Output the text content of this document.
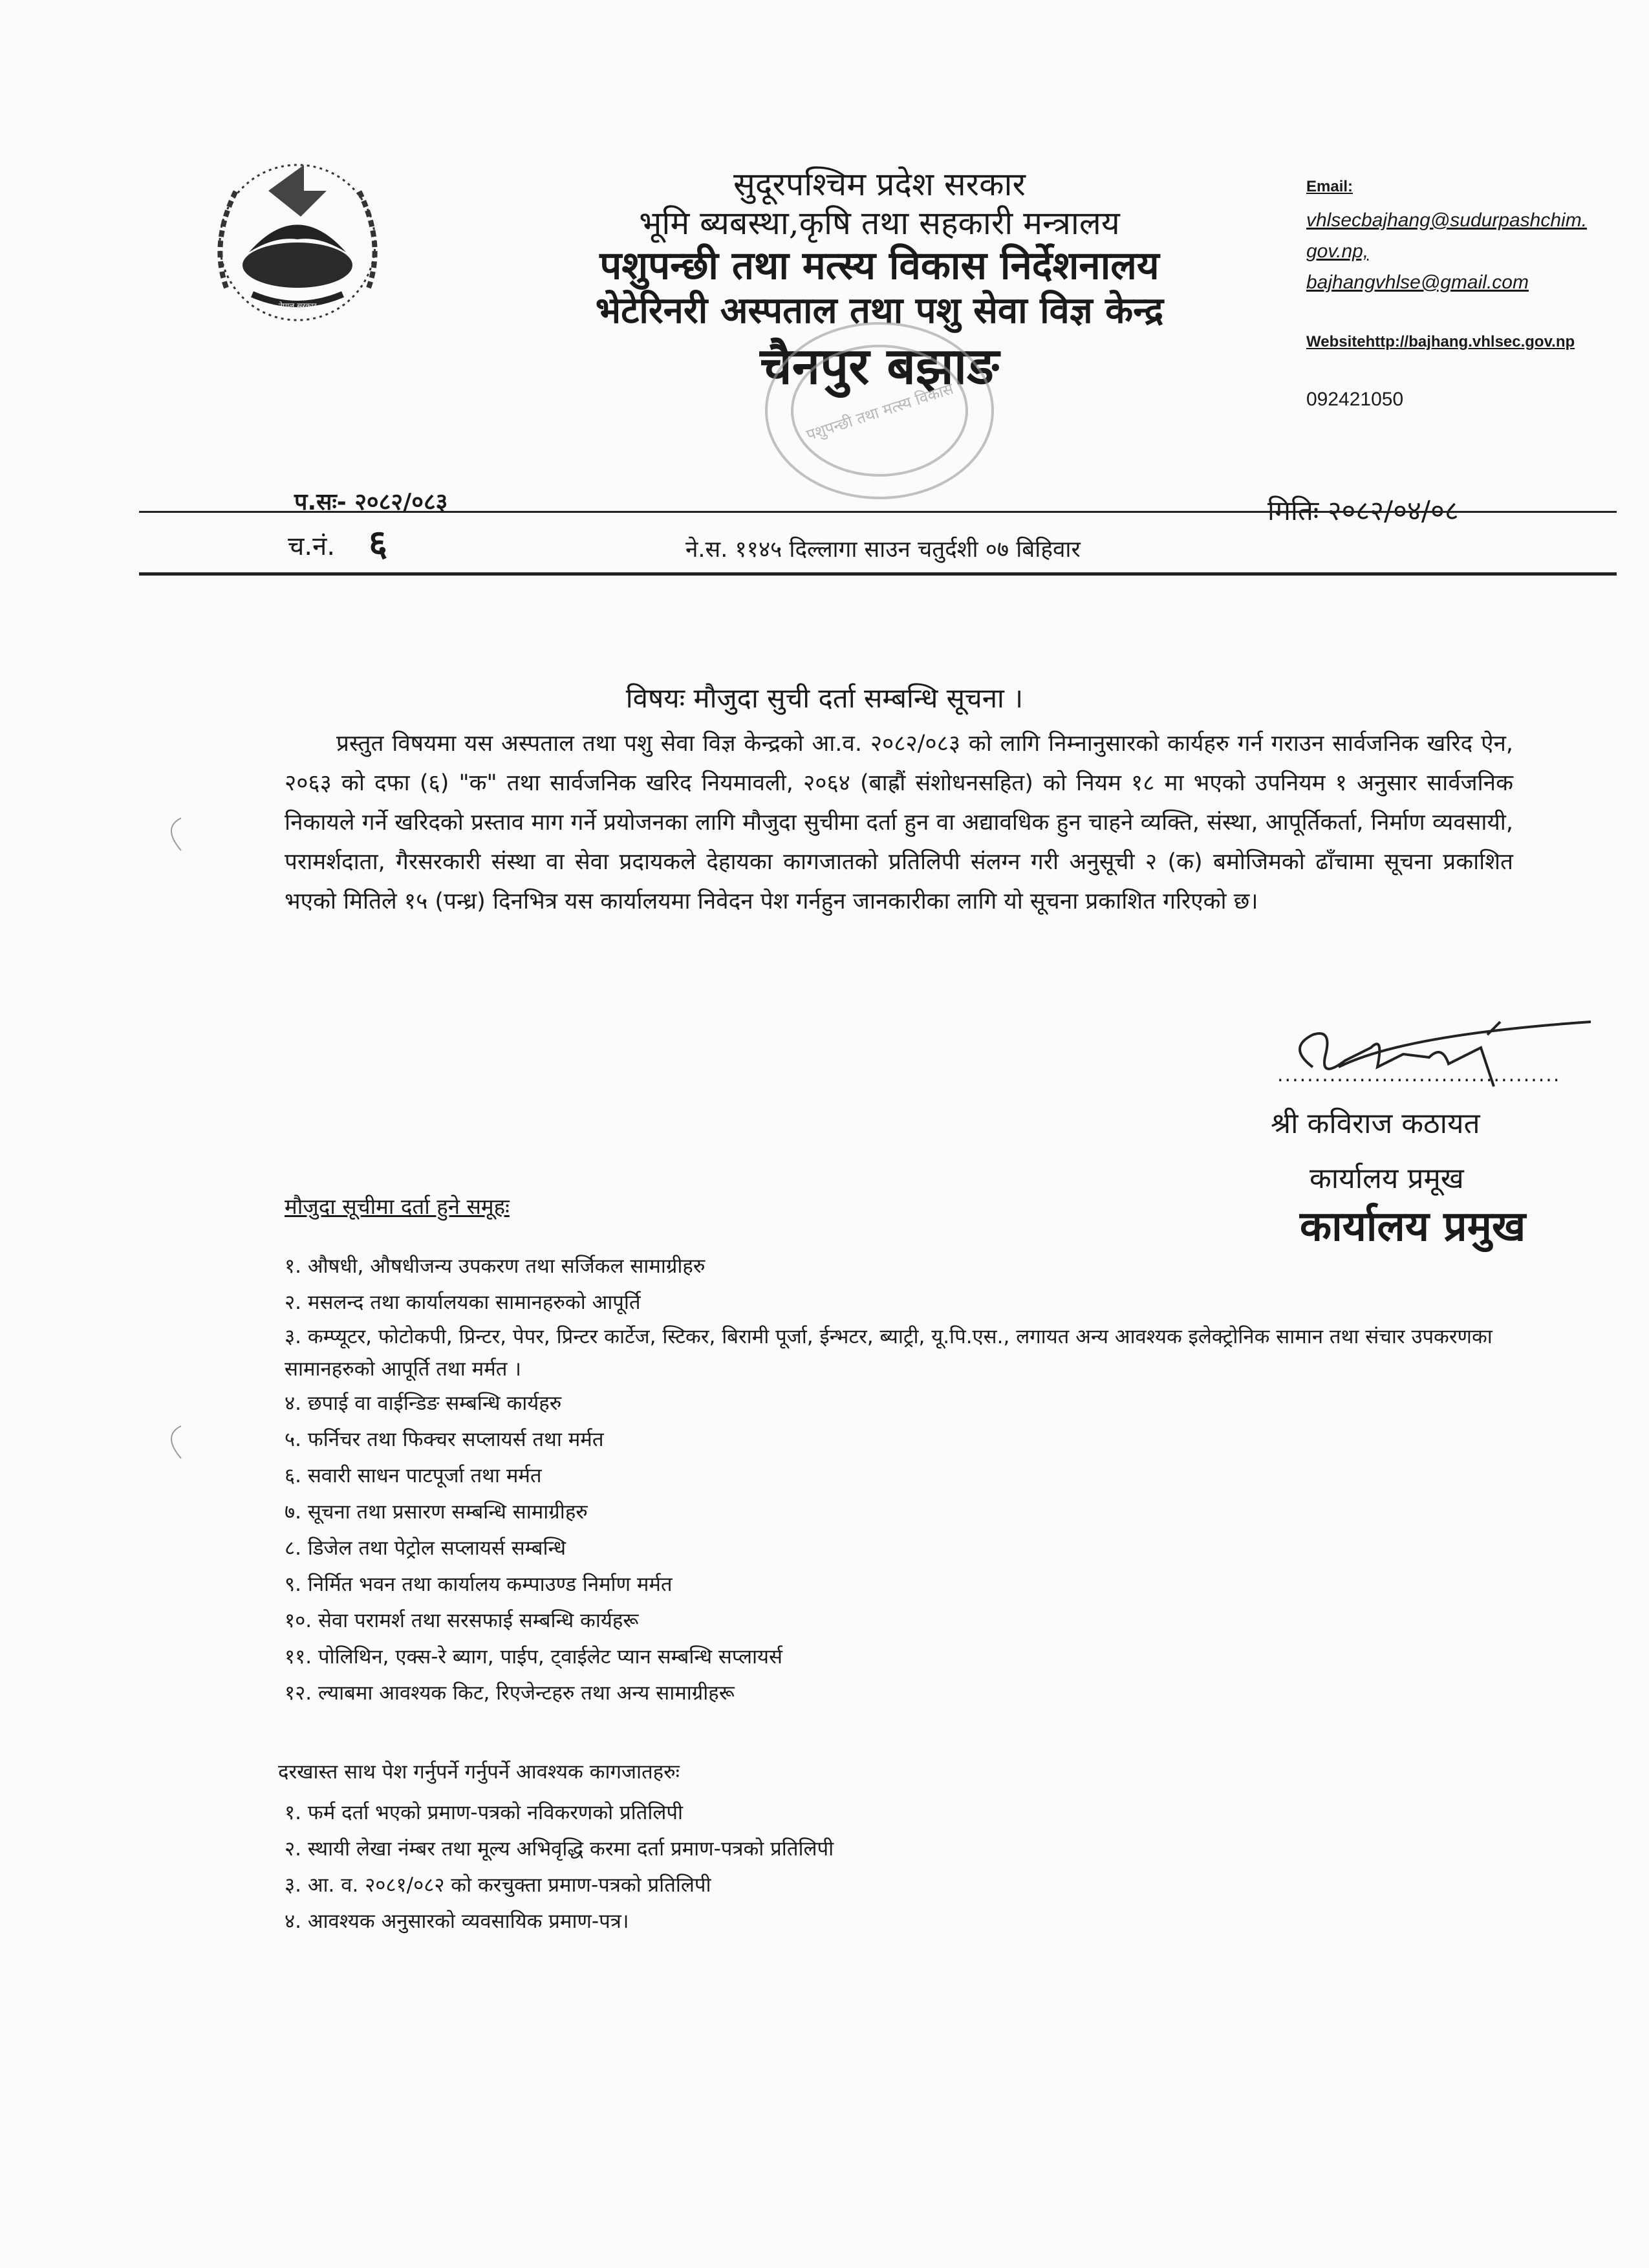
नेपाल सरकार
सुदूरपश्चिम प्रदेश सरकार
भूमि ब्यबस्था,कृषि तथा सहकारी मन्त्रालय
पशुपन्छी तथा मत्स्य विकास निर्देशनालय
भेटेरिनरी अस्पताल तथा पशु सेवा विज्ञ केन्द्र
चैनपुर बझाङ
पशुपन्छी तथा मत्स्य विकास
Email:
vhlsecbajhang@sudurpashchim.
gov.np,
bajhangvhlse@gmail.com
Websitehttp://bajhang.vhlsec.gov.np
092421050
प.सः- २०८२/०८३	मितिः २०८२/०४/०८
च.नं. ६	ने.स. ११४५ दिल्लागा साउन चतुर्दशी ०७ बिहिवार
विषयः मौजुदा सुची दर्ता सम्बन्धि सूचना ।

प्रस्तुत विषयमा यस अस्पताल तथा पशु सेवा विज्ञ केन्द्रको आ.व. २०८२/०८३ को लागि निम्नानुसारको कार्यहरु गर्न गराउन सार्वजनिक खरिद ऐन, २०६३ को दफा (६) "क" तथा सार्वजनिक खरिद नियमावली, २०६४ (बाह्रौं संशोधनसहित) को नियम १८ मा भएको उपनियम १ अनुसार सार्वजनिक निकायले गर्ने खरिदको प्रस्ताव माग गर्ने प्रयोजनका लागि मौजुदा सुचीमा दर्ता हुन वा अद्यावधिक हुन चाहने व्यक्ति, संस्था, आपूर्तिकर्ता, निर्माण व्यवसायी, परामर्शदाता, गैरसरकारी संस्था वा सेवा प्रदायकले देहायका कागजातको प्रतिलिपी संलग्न गरी अनुसूची २ (क) बमोजिमको ढाँचामा सूचना प्रकाशित भएको मितिले १५ (पन्ध्र) दिनभित्र यस कार्यालयमा निवेदन पेश गर्नहुन जानकारीका लागि यो सूचना प्रकाशित गरिएको छ।

......................................
श्री कविराज कठायत
कार्यालय प्रमूख
कार्यालय प्रमुख
मौजुदा सूचीमा दर्ता हुने समूहः
१. औषधी, औषधीजन्य उपकरण तथा सर्जिकल सामाग्रीहरु
२. मसलन्द तथा कार्यालयका सामानहरुको आपूर्ति
३. कम्प्यूटर, फोटोकपी, प्रिन्टर, पेपर, प्रिन्टर कार्टेज, स्टिकर, बिरामी पूर्जा, ईन्भटर, ब्याट्री, यू.पि.एस., लगायत अन्य आवश्यक इलेक्ट्रोनिक सामान तथा संचार उपकरणका सामानहरुको आपूर्ति तथा मर्मत ।
४. छपाई वा वाईन्डिङ सम्बन्धि कार्यहरु
५. फर्निचर तथा फिक्चर सप्लायर्स तथा मर्मत
६. सवारी साधन पाटपूर्जा तथा मर्मत
७. सूचना तथा प्रसारण सम्बन्धि सामाग्रीहरु
८. डिजेल तथा पेट्रोल सप्लायर्स सम्बन्धि
९. निर्मित भवन तथा कार्यालय कम्पाउण्ड निर्माण मर्मत
१०. सेवा परामर्श तथा सरसफाई सम्बन्धि कार्यहरू
११. पोलिथिन, एक्स-रे ब्याग, पाईप, ट्वाईलेट प्यान सम्बन्धि सप्लायर्स
१२. ल्याबमा आवश्यक किट, रिएजेन्टहरु तथा अन्य सामाग्रीहरू
दरखास्त साथ पेश गर्नुपर्ने गर्नुपर्ने आवश्यक कागजातहरुः
१. फर्म दर्ता भएको प्रमाण-पत्रको नविकरणको प्रतिलिपी
२. स्थायी लेखा नंम्बर तथा मूल्य अभिवृद्धि करमा दर्ता प्रमाण-पत्रको प्रतिलिपी
३. आ. व. २०८१/०८२ को करचुक्ता प्रमाण-पत्रको प्रतिलिपी
४. आवश्यक अनुसारको व्यवसायिक प्रमाण-पत्र।
